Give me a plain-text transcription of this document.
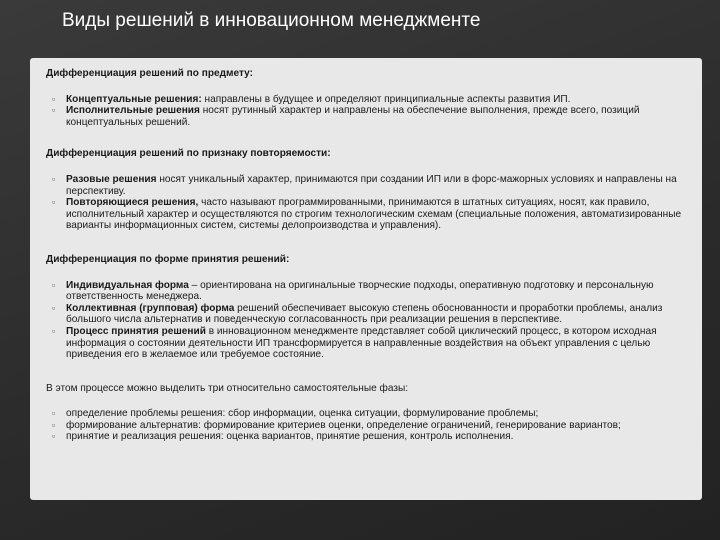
Виды решений в инновационном менеджменте
Дифференциация решений по предмету:
▫	Концептуальные решения: направлены в будущее и определяют принципиальные аспекты развития ИП.
▫	Исполнительные решения носят рутинный характер и направлены на обеспечение выполнения, прежде всего, позиций концептуальных решений.
Дифференциация решений по признаку повторяемости:
▫	Разовые решения носят уникальный характер, принимаются при создании ИП или в форс-мажорных условиях и направлены на перспективу.
▫	Повторяющиеся решения, часто называют программированными, принимаются в штатных ситуациях, носят, как правило, исполнительный характер и осуществляются по строгим технологическим схемам (специальные положения, автоматизированные варианты информационных систем, системы делопроизводства и управления).
Дифференциация по форме принятия решений:
▫	Индивидуальная форма – ориентирована на оригинальные творческие подходы, оперативную подготовку и персональную ответственность менеджера.
▫	Коллективная (групповая) форма решений обеспечивает высокую степень обоснованности и проработки проблемы, анализ большого числа альтернатив и поведенческую согласованность при реализации решения в перспективе.
▫	Процесс принятия решений в инновационном менеджменте представляет собой циклический процесс, в котором исходная информация о состоянии деятельности ИП трансформируется в направленные воздействия на объект управления с целью приведения его в желаемое или требуемое состояние.
В этом процессе можно выделить три относительно самостоятельные фазы:
▫	определение проблемы решения: сбор информации, оценка ситуации, формулирование проблемы;
▫	формирование альтернатив: формирование критериев оценки, определение ограничений, генерирование вариантов;
▫	принятие и реализация решения: оценка вариантов, принятие решения, контроль исполнения.
